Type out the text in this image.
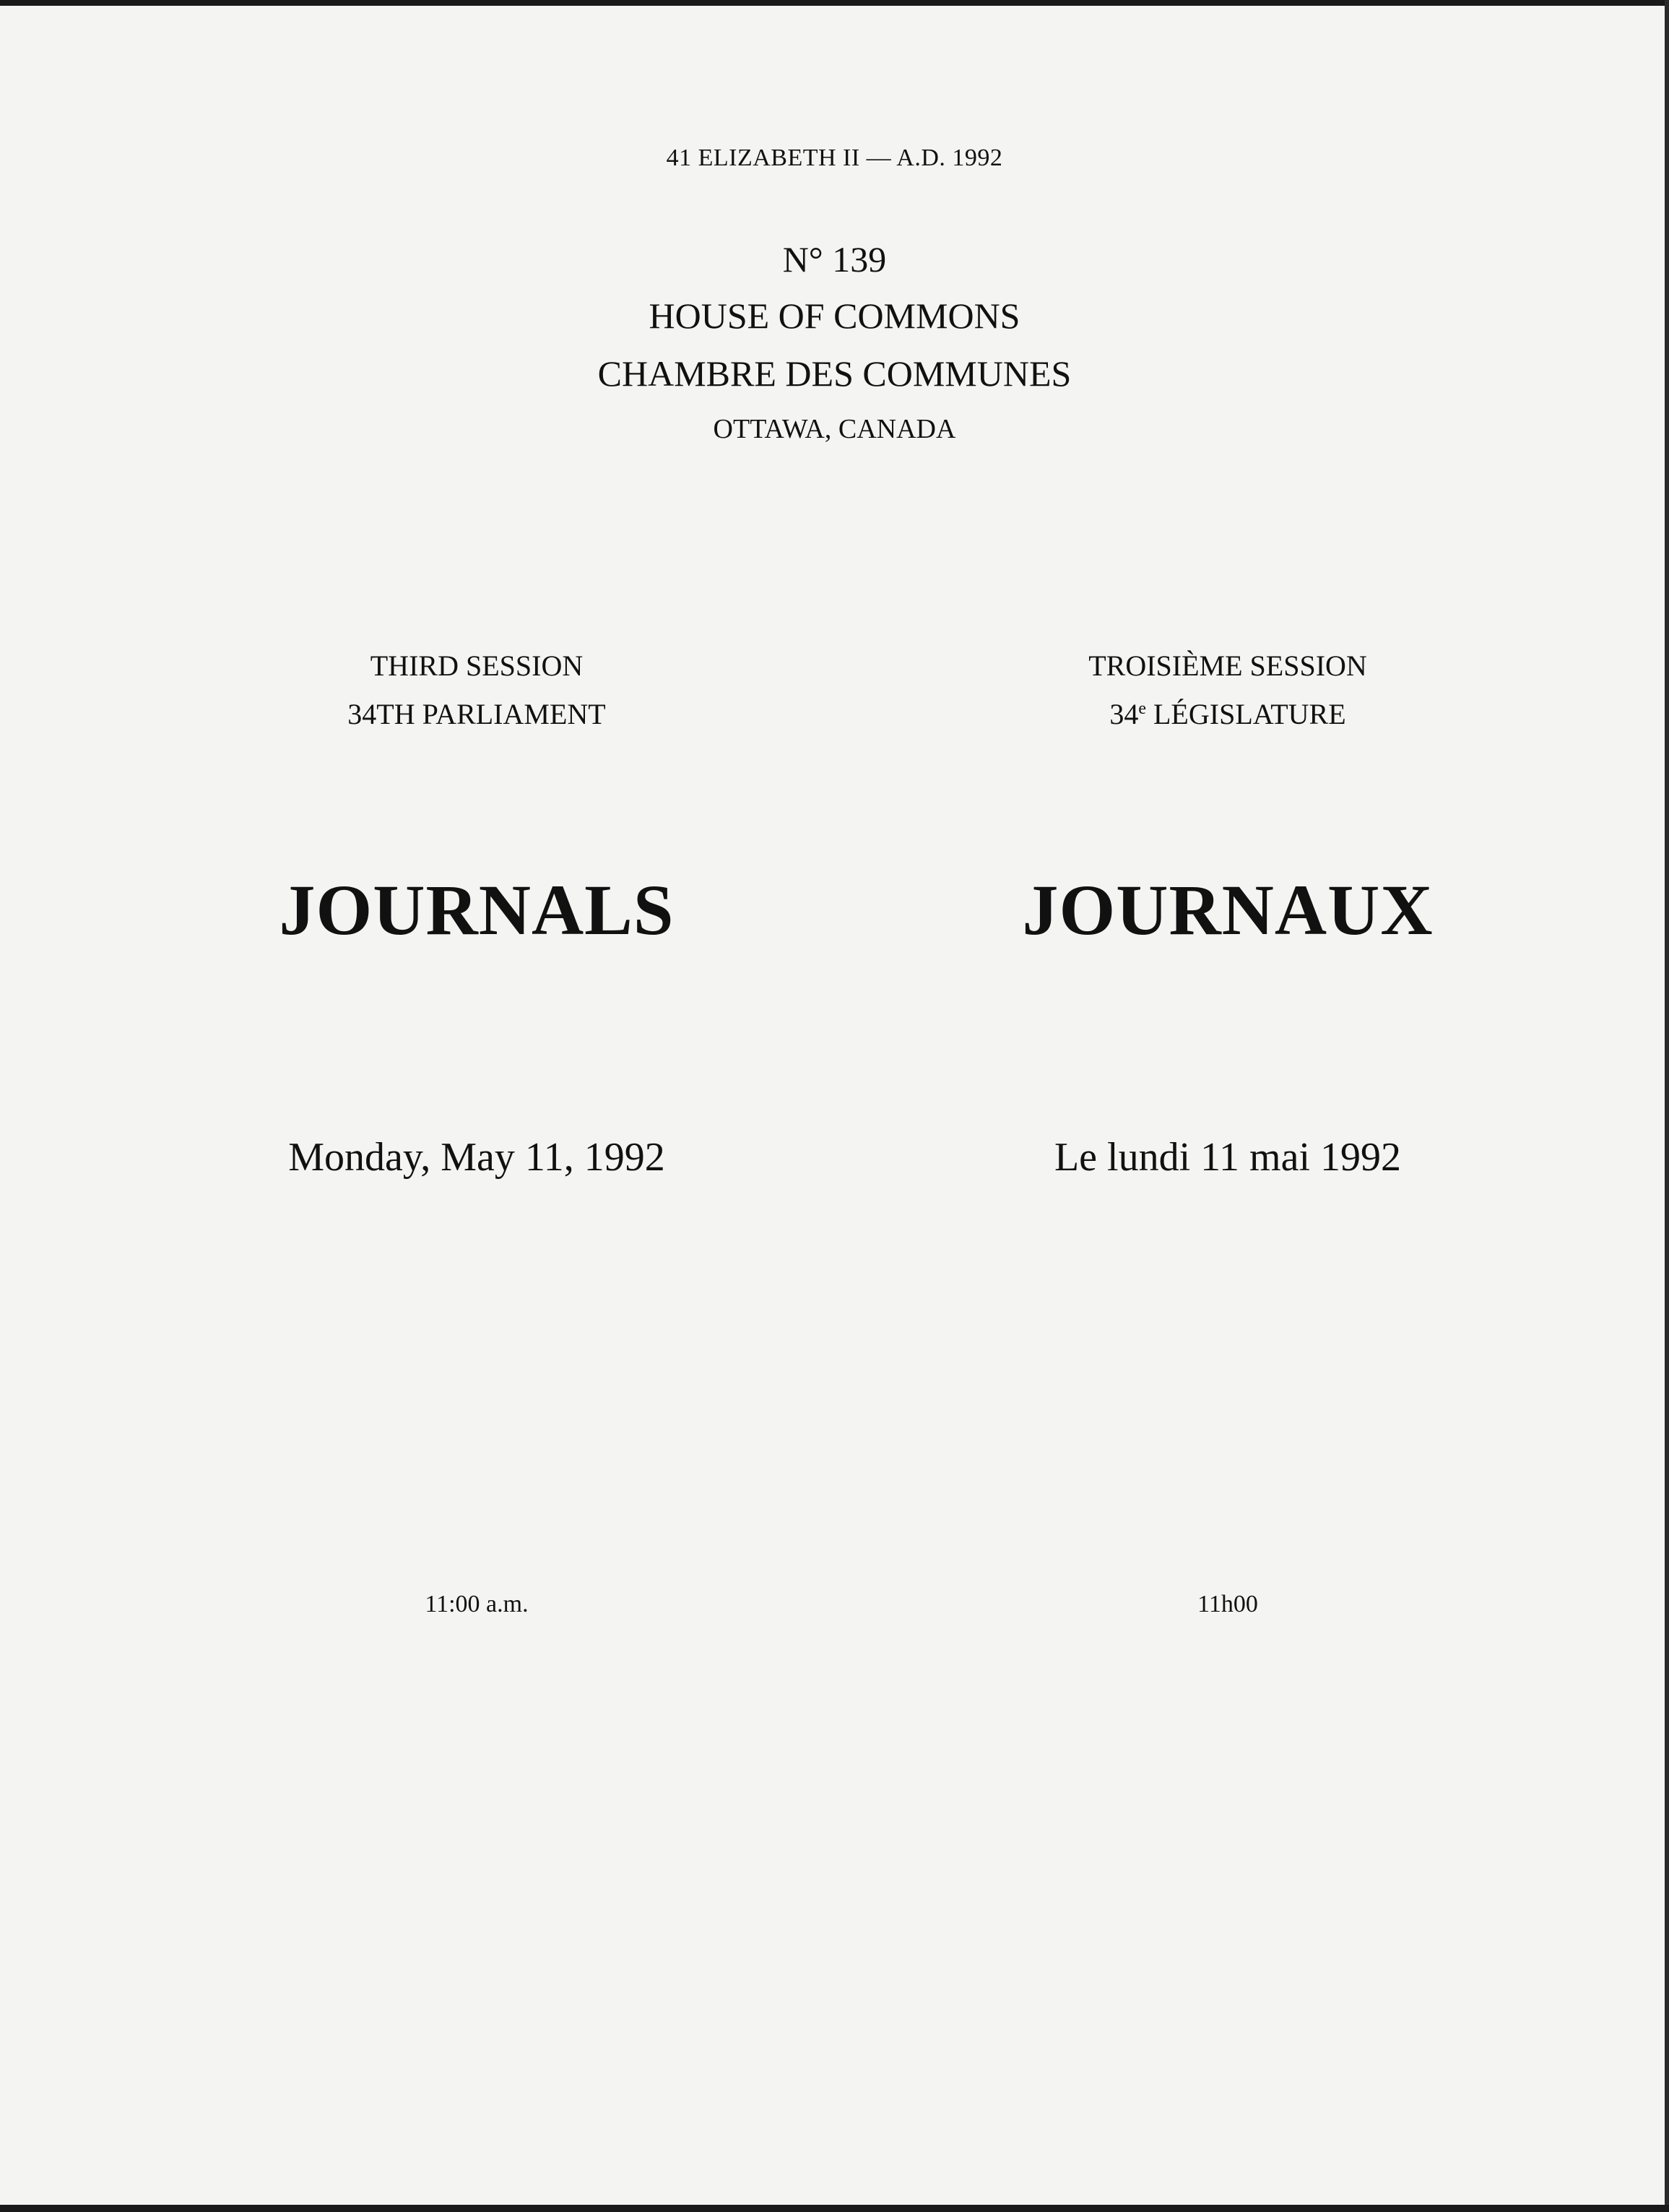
41 ELIZABETH II — A.D. 1992
N° 139
HOUSE OF COMMONS
CHAMBRE DES COMMUNES
OTTAWA, CANADA
THIRD SESSION	TROISIÈME SESSION
34TH PARLIAMENT	34e LÉGISLATURE
JOURNALS	JOURNAUX
Monday, May 11, 1992	Le lundi 11 mai 1992
11:00 a.m.	11h00
